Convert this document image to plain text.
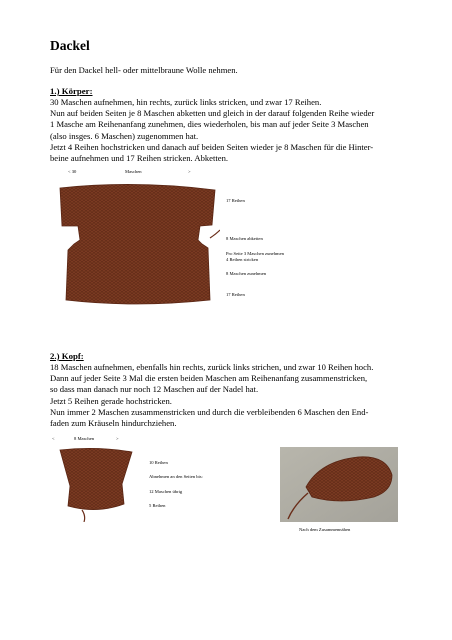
Dackel
Für den Dackel hell- oder mittelbraune Wolle nehmen.
1.) Körper:
30 Maschen aufnehmen, hin rechts, zurück links stricken, und zwar 17 Reihen.
Nun auf beiden Seiten je 8 Maschen abketten und gleich in der darauf folgenden Reihe wieder
1 Masche am Reihenanfang zunehmen, dies wiederholen, bis man auf jeder Seite 3 Maschen
(also insges. 6 Maschen) zugenommen hat.
Jetzt 4 Reihen hochstricken und danach auf beiden Seiten wieder je 8 Maschen für die Hinter-
beine aufnehmen und 17 Reihen stricken. Abketten.
< 30	Maschen	>
17 Reihen
8 Maschen abketten
Pro Seite 3 Maschen zunehmen
4 Reihen stricken
8 Maschen zunehmen
17 Reihen
2.) Kopf:
18 Maschen aufnehmen, ebenfalls hin rechts, zurück links strichen, und zwar 10 Reihen hoch.
Dann auf jeder Seite 3 Mal die ersten beiden Maschen am Reihenanfang zusammenstricken,
so dass man danach nur noch 12 Maschen auf der Nadel hat.
Jetzt 5 Reihen gerade hochstricken.
Nun immer 2 Maschen zusammenstricken und durch die verbleibenden 6 Maschen den End-
faden zum Kräuseln hindurchziehen.
<	8 Maschen	>
10 Reihen
Abnehmen an den Seiten bis:
12 Maschen übrig
5 Reihen
Nach dem Zusammennähen
